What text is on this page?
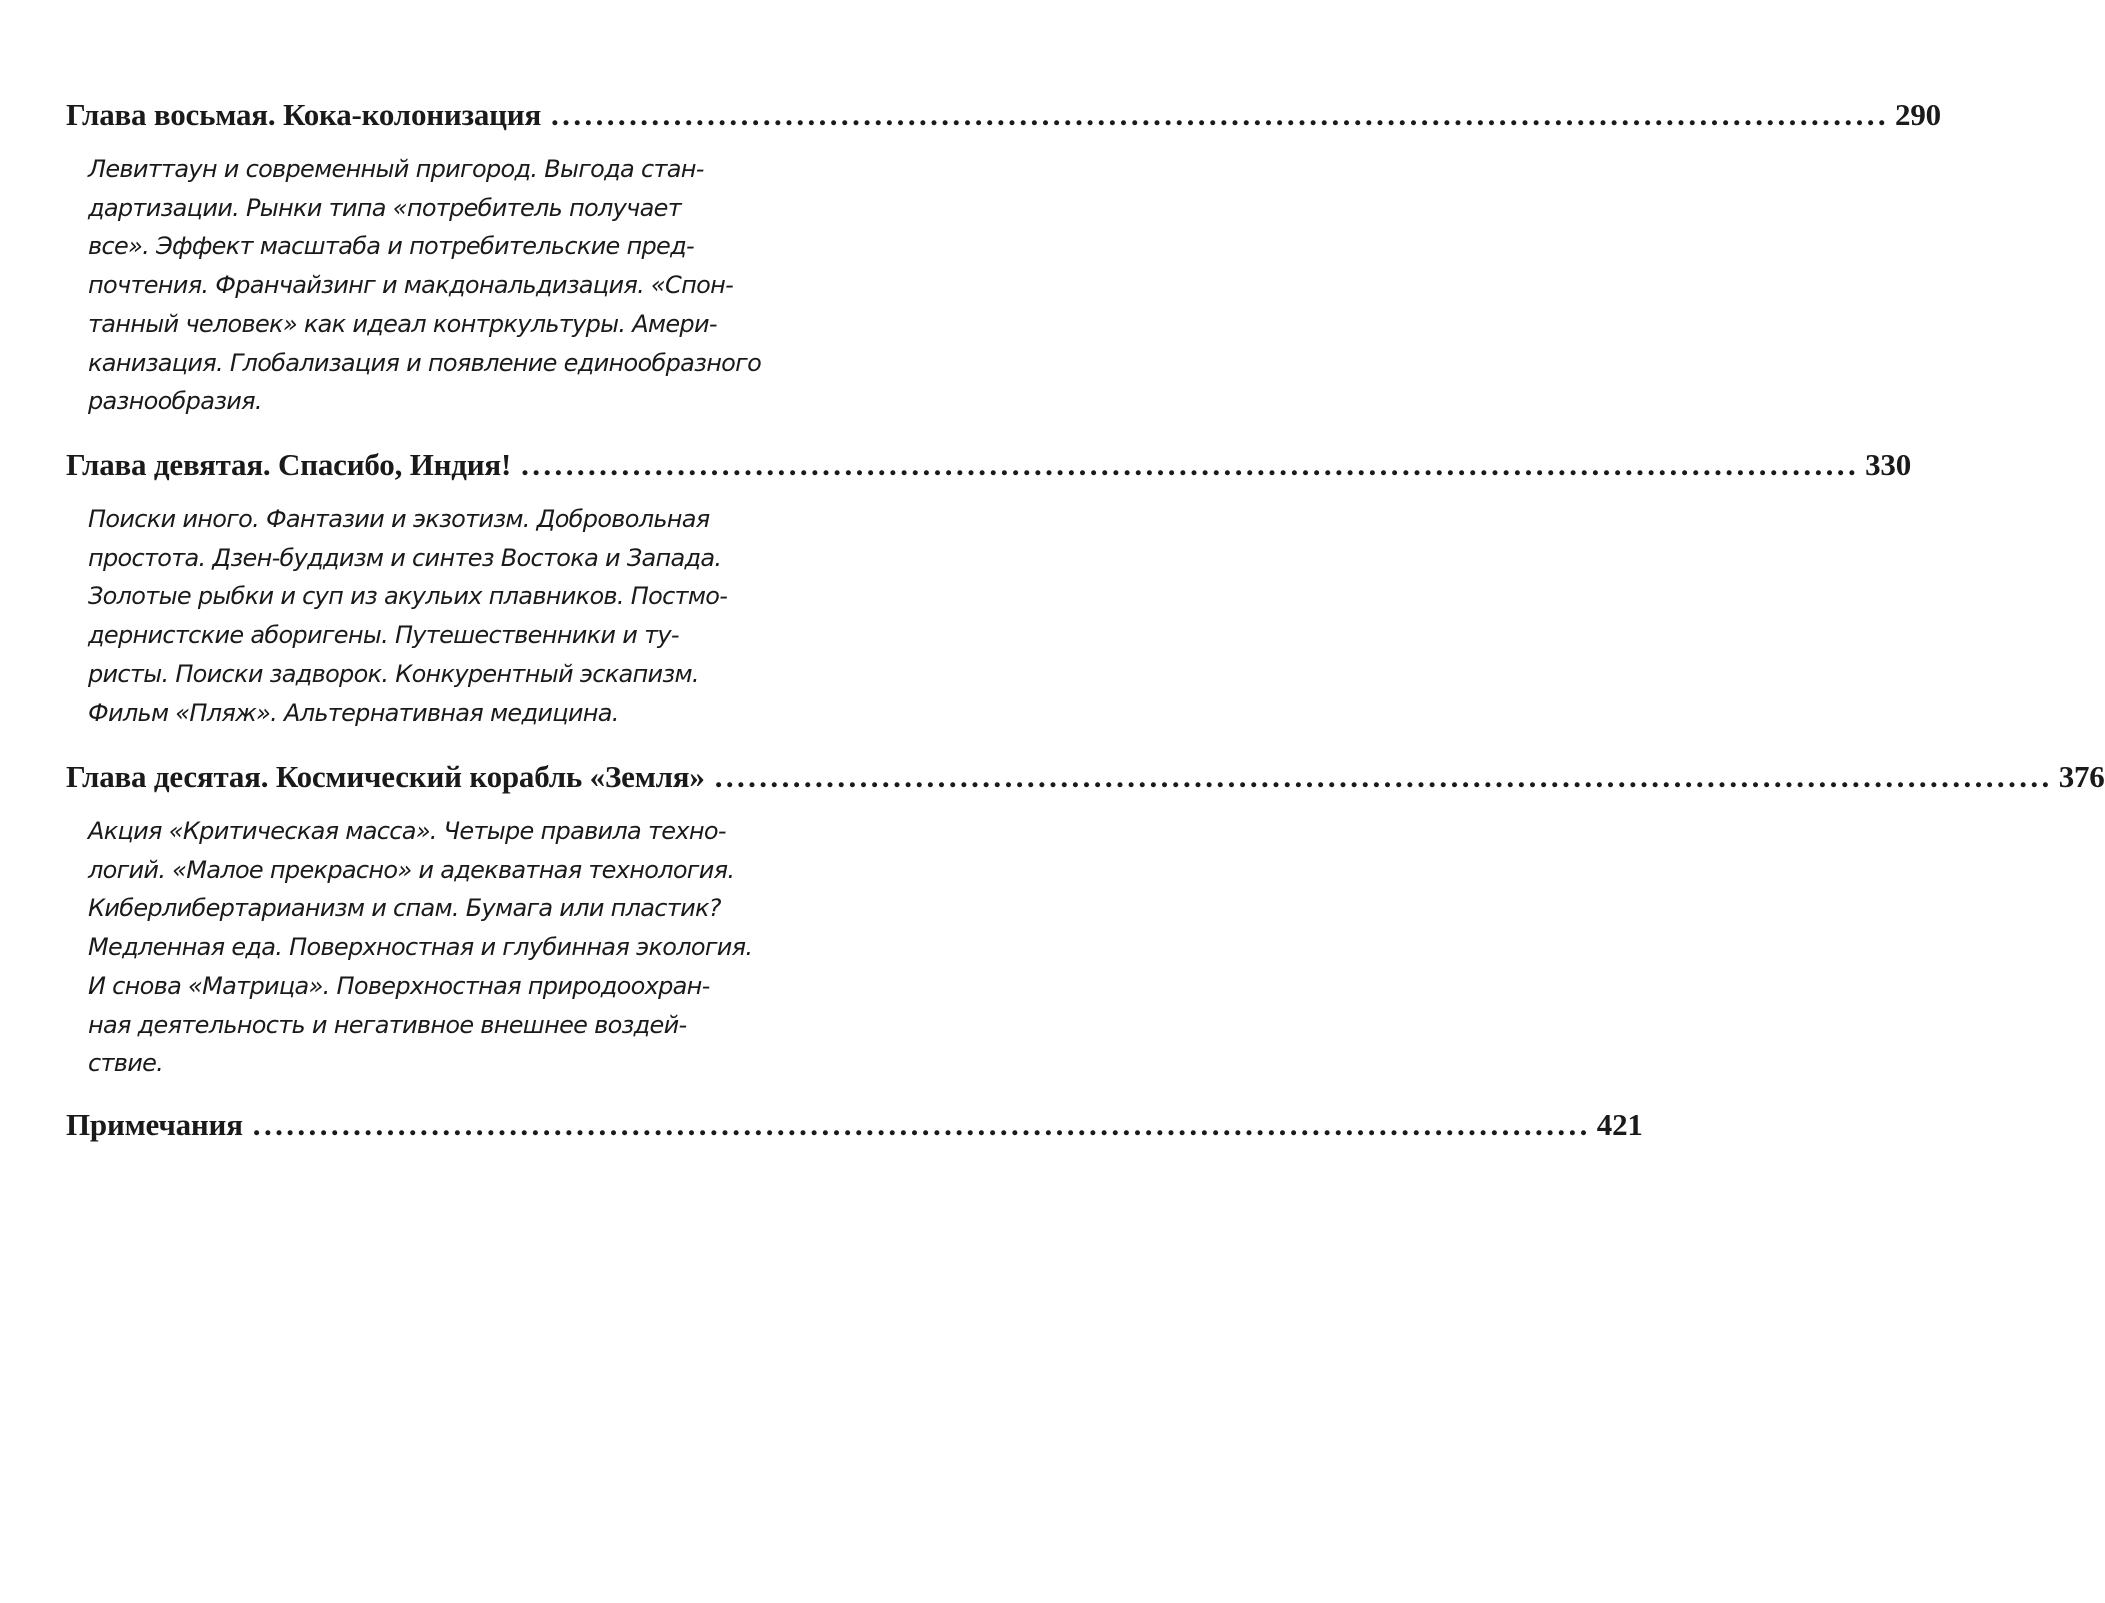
Глава восьмая. Кока-колонизация ........................................................................................................................ 290
Левиттаун и современный пригород. Выгода стан-
дартизации. Рынки типа «потребитель получает
все». Эффект масштаба и потребительские пред-
почтения. Франчайзинг и макдональдизация. «Спон-
танный человек» как идеал контркультуры. Амери-
канизация. Глобализация и появление единообразного
разнообразия.
Глава девятая. Спасибо, Индия! ........................................................................................................................ 330
Поиски иного. Фантазии и экзотизм. Добровольная
простота. Дзен-буддизм и синтез Востока и Запада.
Золотые рыбки и суп из акульих плавников. Постмо-
дернистские аборигены. Путешественники и ту-
ристы. Поиски задворок. Конкурентный эскапизм.
Фильм «Пляж». Альтернативная медицина.
Глава десятая. Космический корабль «Земля» ........................................................................................................................ 376
Акция «Критическая масса». Четыре правила техно-
логий. «Малое прекрасно» и адекватная технология.
Киберлибертарианизм и спам. Бумага или пластик?
Медленная еда. Поверхностная и глубинная экология.
И снова «Матрица». Поверхностная природоохран-
ная деятельность и негативное внешнее воздей-
ствие.
Примечания ........................................................................................................................ 421
